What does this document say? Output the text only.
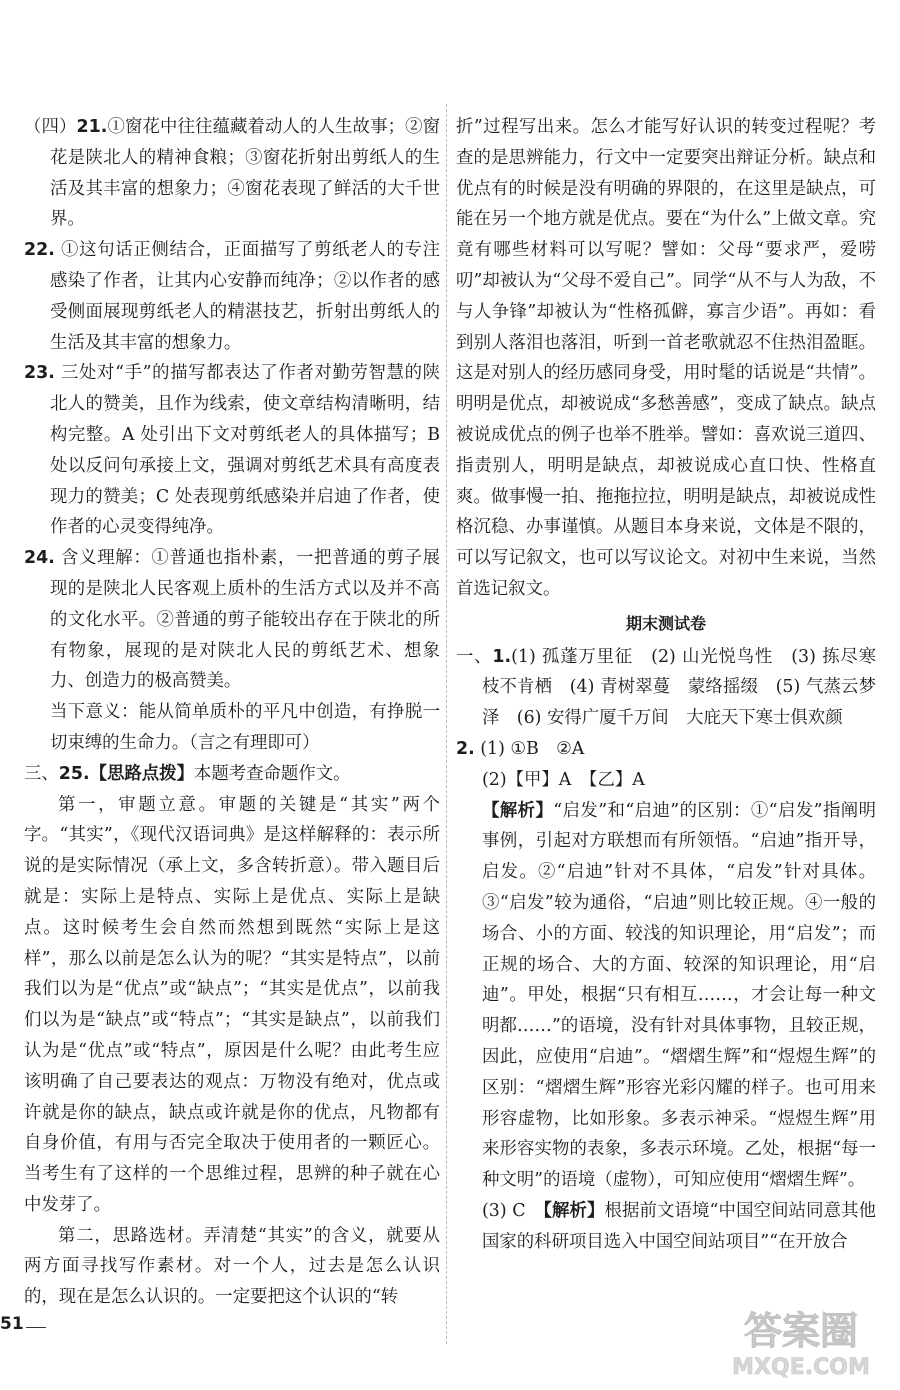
（四）21.①窗花中往往蕴藏着动人的人生故事；②窗花是陕北人的精神食粮；③窗花折射出剪纸人的生活及其丰富的想象力；④窗花表现了鲜活的大千世界。

22. ①这句话正侧结合，正面描写了剪纸老人的专注感染了作者，让其内心安静而纯净；②以作者的感受侧面展现剪纸老人的精湛技艺，折射出剪纸人的生活及其丰富的想象力。

23. 三处对“手”的描写都表达了作者对勤劳智慧的陕北人的赞美，且作为线索，使文章结构清晰明，结构完整。A 处引出下文对剪纸老人的具体描写；B 处以反问句承接上文，强调对剪纸艺术具有高度表现力的赞美；C 处表现剪纸感染并启迪了作者，使作者的心灵变得纯净。

24. 含义理解：①普通也指朴素，一把普通的剪子展现的是陕北人民客观上质朴的生活方式以及并不高的文化水平。②普通的剪子能较出存在于陕北的所有物象，展现的是对陕北人民的剪纸艺术、想象力、创造力的极高赞美。

当下意义：能从简单质朴的平凡中创造，有挣脱一切束缚的生命力。（言之有理即可）

三、25.【思路点拨】本题考查命题作文。

第一，审题立意。审题的关键是“其实”两个字。“其实”，《现代汉语词典》是这样解释的：表示所说的是实际情况（承上文，多含转折意）。带入题目后就是：实际上是特点、实际上是优点、实际上是缺点。这时候考生会自然而然想到既然“实际上是这样”，那么以前是怎么认为的呢？“其实是特点”，以前我们以为是“优点”或“缺点”；“其实是优点”，以前我们以为是“缺点”或“特点”；“其实是缺点”，以前我们认为是“优点”或“特点”，原因是什么呢？由此考生应该明确了自己要表达的观点：万物没有绝对，优点或许就是你的缺点，缺点或许就是你的优点，凡物都有自身价值，有用与否完全取决于使用者的一颗匠心。当考生有了这样的一个思维过程，思辨的种子就在心中发芽了。

第二，思路选材。弄清楚“其实”的含义，就要从两方面寻找写作素材。对一个人，过去是怎么认识的，现在是怎么认识的。一定要把这个认识的“转

折”过程写出来。怎么才能写好认识的转变过程呢？考查的是思辨能力，行文中一定要突出辩证分析。缺点和优点有的时候是没有明确的界限的，在这里是缺点，可能在另一个地方就是优点。要在“为什么”上做文章。究竟有哪些材料可以写呢？譬如：父母“要求严，爱唠叨”却被认为“父母不爱自己”。同学“从不与人为敌，不与人争锋”却被认为“性格孤僻，寡言少语”。再如：看到别人落泪也落泪，听到一首老歌就忍不住热泪盈眶。这是对别人的经历感同身受，用时髦的话说是“共情”。明明是优点，却被说成“多愁善感”，变成了缺点。缺点被说成优点的例子也举不胜举。譬如：喜欢说三道四、指责别人，明明是缺点，却被说成心直口快、性格直爽。做事慢一拍、拖拖拉拉，明明是缺点，却被说成性格沉稳、办事谨慎。从题目本身来说，文体是不限的，可以写记叙文，也可以写议论文。对初中生来说，当然首选记叙文。

期末测试卷

一、1.(1) 孤蓬万里征　(2) 山光悦鸟性　(3) 拣尽寒枝不肯栖　(4) 青树翠蔓　蒙络摇缀　(5) 气蒸云梦泽　(6) 安得广厦千万间　大庇天下寒士俱欢颜

2. (1) ①B　②A

(2)【甲】A　【乙】A

【解析】“启发”和“启迪”的区别：①“启发”指阐明事例，引起对方联想而有所领悟。“启迪”指开导，启发。②“启迪”针对不具体，“启发”针对具体。③“启发”较为通俗，“启迪”则比较正规。④一般的场合、小的方面、较浅的知识理论，用“启发”；而正规的场合、大的方面、较深的知识理论，用“启迪”。甲处，根据“只有相互……，才会让每一种文明都……”的语境，没有针对具体事物，且较正规，因此，应使用“启迪”。“熠熠生辉”和“煜煜生辉”的区别：“熠熠生辉”形容光彩闪耀的样子。也可用来形容虚物，比如形象。多表示神采。“煜煜生辉”用来形容实物的表象，多表示环境。乙处，根据“每一种文明”的语境（虚物），可知应使用“熠熠生辉”。

(3) C　【解析】根据前文语境“中国空间站同意其他国家的科研项目选入中国空间站项目”“在开放合

51	答案圈
MXQE.COM
